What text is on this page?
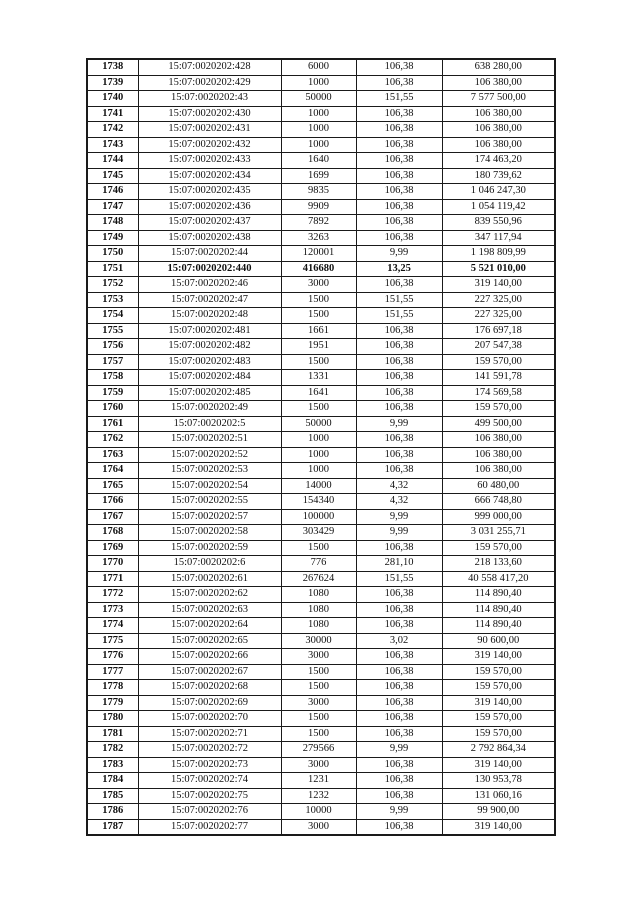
1738	15:07:0020202:428	6000	106,38	638 280,00
1739	15:07:0020202:429	1000	106,38	106 380,00
1740	15:07:0020202:43	50000	151,55	7 577 500,00
1741	15:07:0020202:430	1000	106,38	106 380,00
1742	15:07:0020202:431	1000	106,38	106 380,00
1743	15:07:0020202:432	1000	106,38	106 380,00
1744	15:07:0020202:433	1640	106,38	174 463,20
1745	15:07:0020202:434	1699	106,38	180 739,62
1746	15:07:0020202:435	9835	106,38	1 046 247,30
1747	15:07:0020202:436	9909	106,38	1 054 119,42
1748	15:07:0020202:437	7892	106,38	839 550,96
1749	15:07:0020202:438	3263	106,38	347 117,94
1750	15:07:0020202:44	120001	9,99	1 198 809,99
1751	15:07:0020202:440	416680	13,25	5 521 010,00
1752	15:07:0020202:46	3000	106,38	319 140,00
1753	15:07:0020202:47	1500	151,55	227 325,00
1754	15:07:0020202:48	1500	151,55	227 325,00
1755	15:07:0020202:481	1661	106,38	176 697,18
1756	15:07:0020202:482	1951	106,38	207 547,38
1757	15:07:0020202:483	1500	106,38	159 570,00
1758	15:07:0020202:484	1331	106,38	141 591,78
1759	15:07:0020202:485	1641	106,38	174 569,58
1760	15:07:0020202:49	1500	106,38	159 570,00
1761	15:07:0020202:5	50000	9,99	499 500,00
1762	15:07:0020202:51	1000	106,38	106 380,00
1763	15:07:0020202:52	1000	106,38	106 380,00
1764	15:07:0020202:53	1000	106,38	106 380,00
1765	15:07:0020202:54	14000	4,32	60 480,00
1766	15:07:0020202:55	154340	4,32	666 748,80
1767	15:07:0020202:57	100000	9,99	999 000,00
1768	15:07:0020202:58	303429	9,99	3 031 255,71
1769	15:07:0020202:59	1500	106,38	159 570,00
1770	15:07:0020202:6	776	281,10	218 133,60
1771	15:07:0020202:61	267624	151,55	40 558 417,20
1772	15:07:0020202:62	1080	106,38	114 890,40
1773	15:07:0020202:63	1080	106,38	114 890,40
1774	15:07:0020202:64	1080	106,38	114 890,40
1775	15:07:0020202:65	30000	3,02	90 600,00
1776	15:07:0020202:66	3000	106,38	319 140,00
1777	15:07:0020202:67	1500	106,38	159 570,00
1778	15:07:0020202:68	1500	106,38	159 570,00
1779	15:07:0020202:69	3000	106,38	319 140,00
1780	15:07:0020202:70	1500	106,38	159 570,00
1781	15:07:0020202:71	1500	106,38	159 570,00
1782	15:07:0020202:72	279566	9,99	2 792 864,34
1783	15:07:0020202:73	3000	106,38	319 140,00
1784	15:07:0020202:74	1231	106,38	130 953,78
1785	15:07:0020202:75	1232	106,38	131 060,16
1786	15:07:0020202:76	10000	9,99	99 900,00
1787	15:07:0020202:77	3000	106,38	319 140,00
